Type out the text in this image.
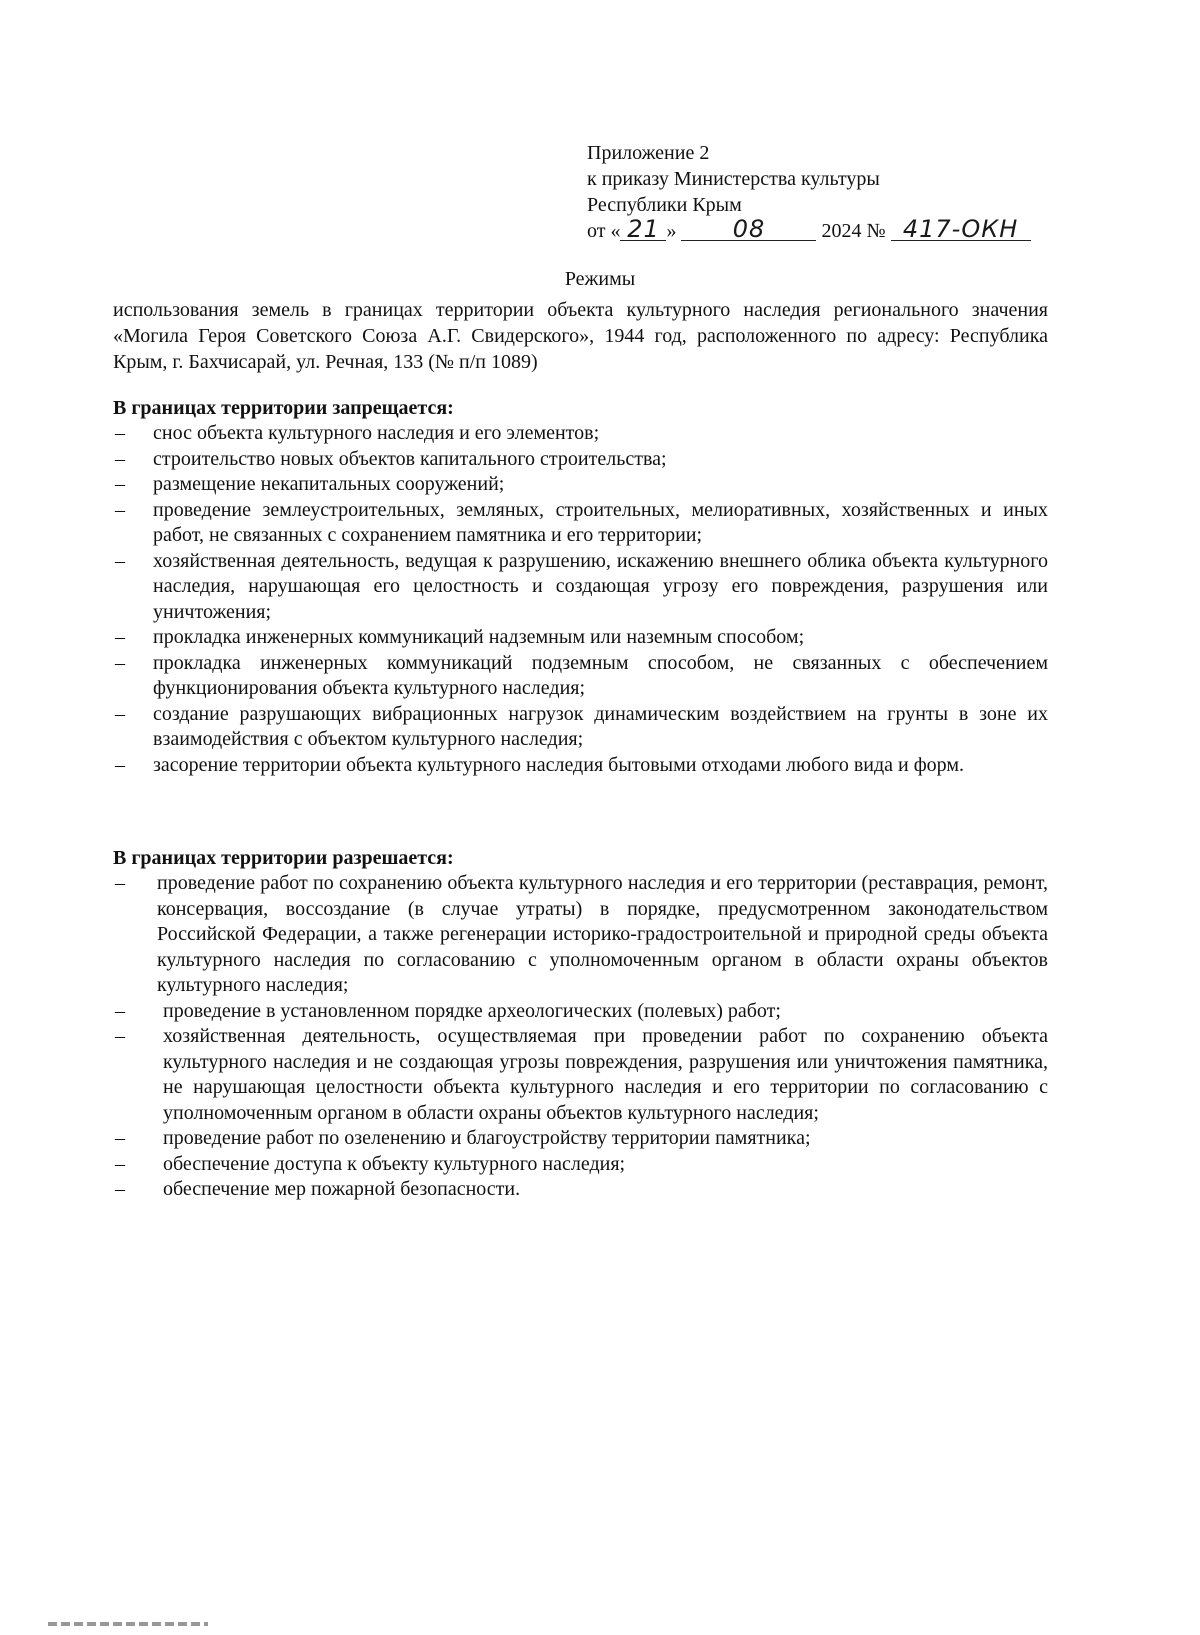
Приложение 2
к приказу Министерства культуры
Республики Крым
от « 21 » 08	2024 № 417-ОКН
Режимы
использования земель в границах территории объекта культурного наследия регионального значения «Могила Героя Советского Союза А.Г. Свидерского», 1944 год, расположенного по адресу: Республика Крым, г. Бахчисарай, ул. Речная, 133 (№ п/п 1089)

В границах территории запрещается:

– снос объекта культурного наследия и его элементов;
– строительство новых объектов капитального строительства;
– размещение некапитальных сооружений;
– проведение землеустроительных, земляных, строительных, мелиоративных, хозяйственных и иных работ, не связанных с сохранением памятника и его территории;
– хозяйственная деятельность, ведущая к разрушению, искажению внешнего облика объекта культурного наследия, нарушающая его целостность и создающая угрозу его повреждения, разрушения или уничтожения;
– прокладка инженерных коммуникаций надземным или наземным способом;
– прокладка инженерных коммуникаций подземным способом, не связанных с обеспечением функционирования объекта культурного наследия;
– создание разрушающих вибрационных нагрузок динамическим воздействием на грунты в зоне их взаимодействия с объектом культурного наследия;
– засорение территории объекта культурного наследия бытовыми отходами любого вида и форм.

В границах территории разрешается:

– проведение работ по сохранению объекта культурного наследия и его территории (реставрация, ремонт, консервация, воссоздание (в случае утраты) в порядке, предусмотренном законодательством Российской Федерации, а также регенерации историко-градостроительной и природной среды объекта культурного наследия по согласованию с уполномоченным органом в области охраны объектов культурного наследия;
– проведение в установленном порядке археологических (полевых) работ;
– хозяйственная деятельность, осуществляемая при проведении работ по сохранению объекта культурного наследия и не создающая угрозы повреждения, разрушения или уничтожения памятника, не нарушающая целостности объекта культурного наследия и его территории по согласованию с уполномоченным органом в области охраны объектов культурного наследия;
– проведение работ по озеленению и благоустройству территории памятника;
– обеспечение доступа к объекту культурного наследия;
– обеспечение мер пожарной безопасности.
